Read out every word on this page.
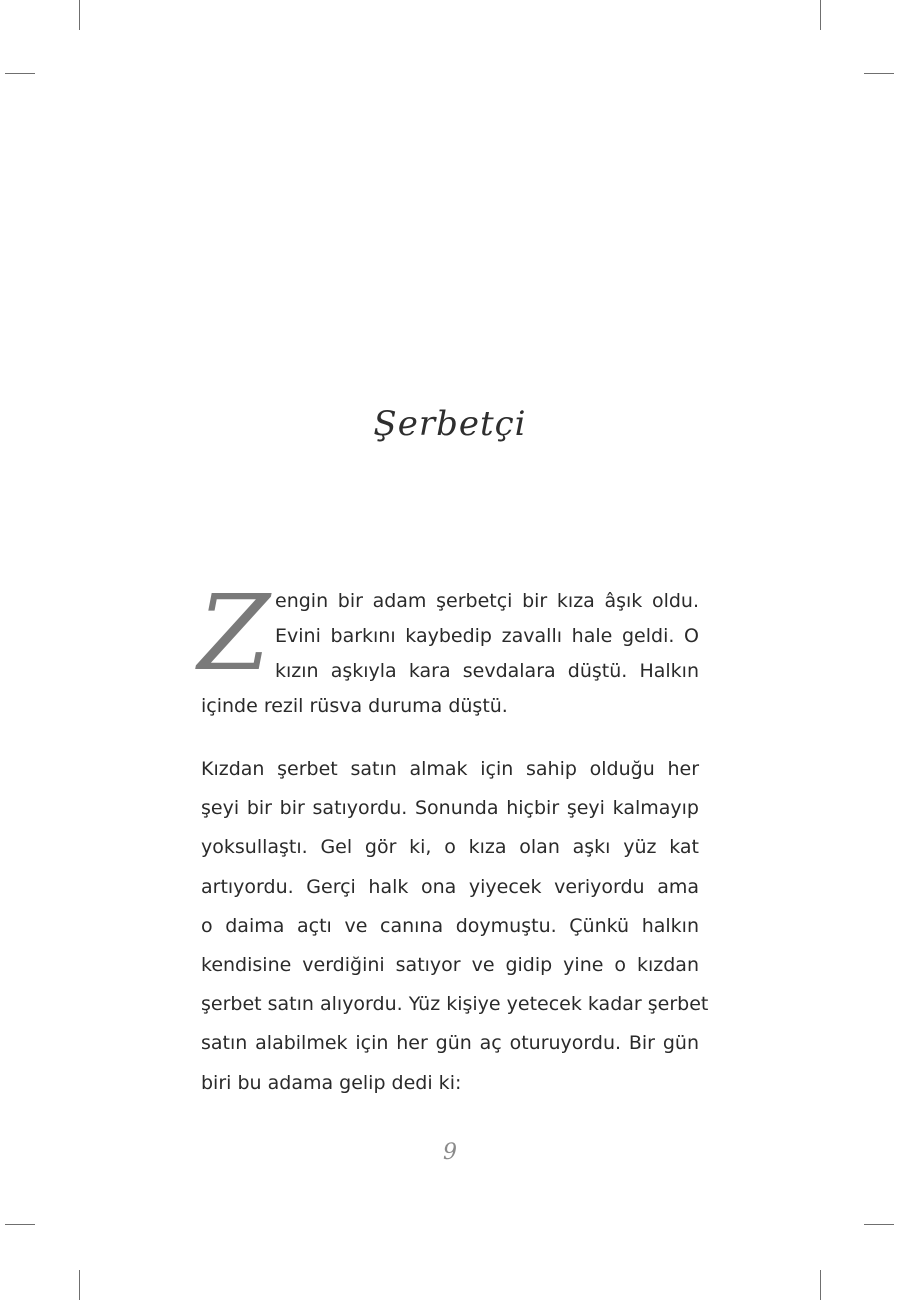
Şerbetçi
Z engin bir adam şerbetçi bir kıza âşık oldu.
Evini barkını kaybedip zavallı hale geldi. O
kızın aşkıyla kara sevdalara düştü. Halkın
içinde rezil rüsva duruma düştü.
Kızdan şerbet satın almak için sahip olduğu her
şeyi bir bir satıyordu. Sonunda hiçbir şeyi kalmayıp
yoksullaştı. Gel gör ki, o kıza olan aşkı yüz kat
artıyordu. Gerçi halk ona yiyecek veriyordu ama
o daima açtı ve canına doymuştu. Çünkü halkın
kendisine verdiğini satıyor ve gidip yine o kızdan
şerbet satın alıyordu. Yüz kişiye yetecek kadar şerbet
satın alabilmek için her gün aç oturuyordu. Bir gün
biri bu adama gelip dedi ki:
9
